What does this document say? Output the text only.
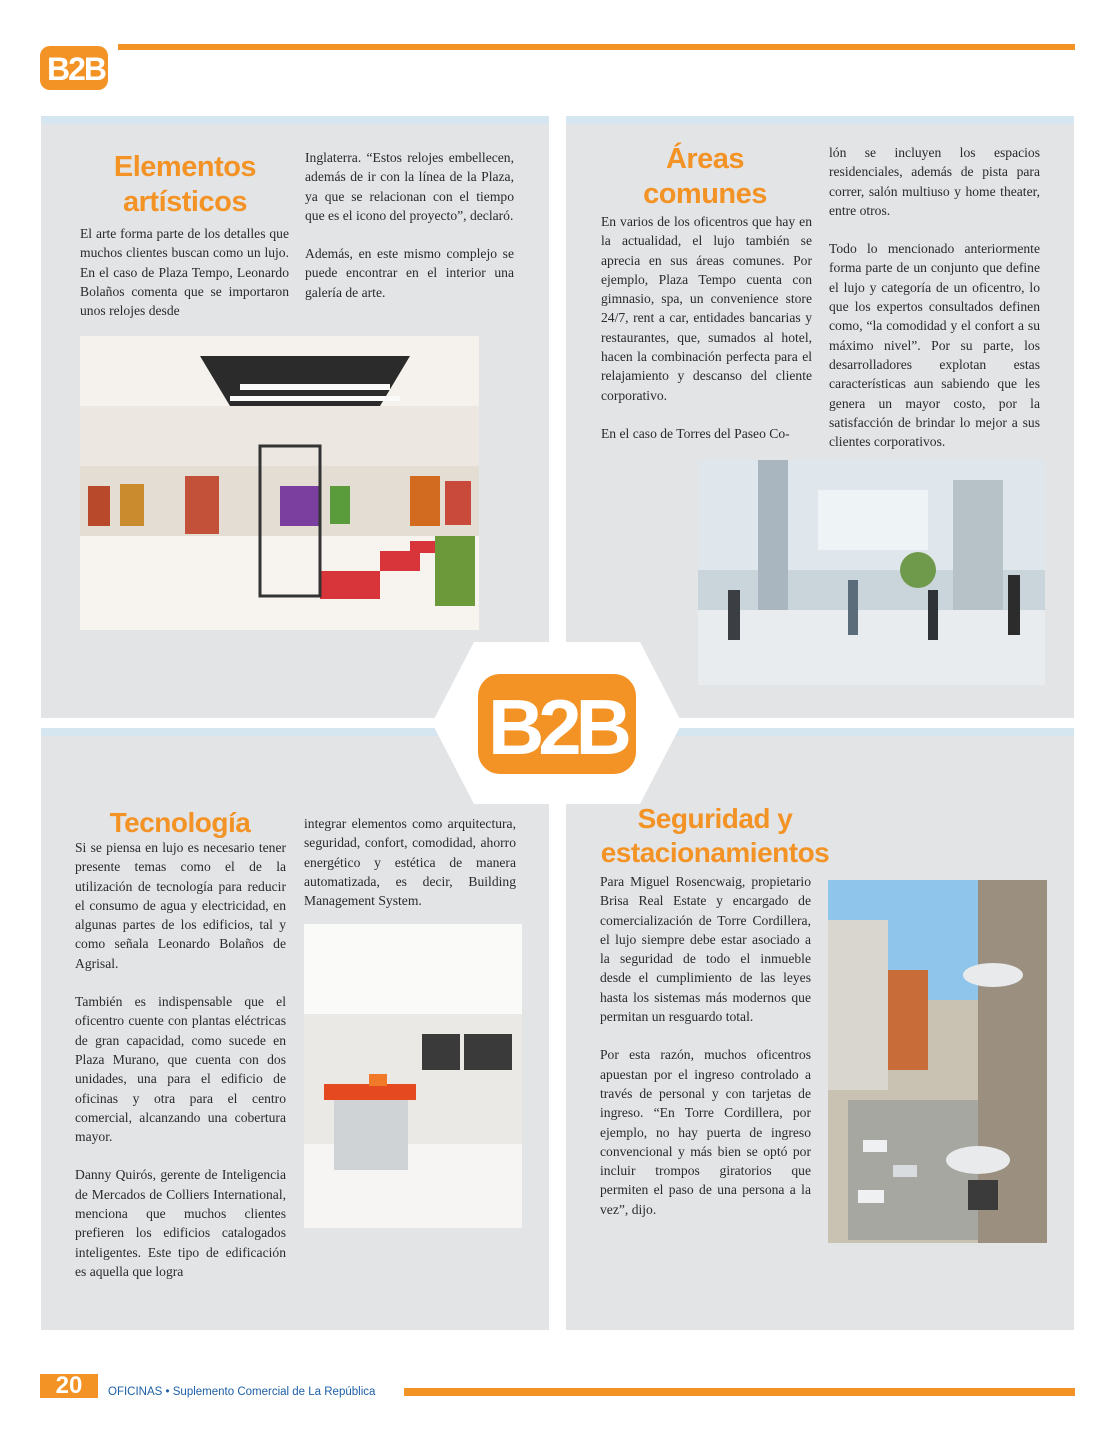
B2B
B2B
Elementos
artísticos

El arte forma parte de los detalles que muchos clientes buscan como un lujo. En el caso de Plaza Tempo, Leonardo Bolaños comenta que se importaron unos relojes desde

Inglaterra. “Estos relojes embellecen, además de ir con la línea de la Plaza, ya que se relacionan con el tiempo que es el icono del proyecto”, declaró.

Además, en este mismo complejo se puede encontrar en el interior una galería de arte.

Áreas
comunes

En varios de los oficentros que hay en la actualidad, el lujo también se aprecia en sus áreas comunes. Por ejemplo, Plaza Tempo cuenta con gimnasio, spa, un convenience store 24/7, rent a car, entidades bancarias y restaurantes, que, sumados al hotel, hacen la combinación perfecta para el relajamiento y descanso del cliente corporativo.

En el caso de Torres del Paseo Co-

lón se incluyen los espacios residenciales, además de pista para correr, salón multiuso y home theater, entre otros.

Todo lo mencionado anteriormente forma parte de un conjunto que define el lujo y categoría de un oficentro, lo que los expertos consultados definen como, “la comodidad y el confort a su máximo nivel”. Por su parte, los desarrolladores explotan estas características aun sabiendo que les genera un mayor costo, por la satisfacción de brindar lo mejor a sus clientes corporativos.

Tecnología

Si se piensa en lujo es necesario tener presente temas como el de la utilización de tecnología para reducir el consumo de agua y electricidad, en algunas partes de los edificios, tal y como señala Leonardo Bolaños de Agrisal.

También es indispensable que el oficentro cuente con plantas eléctricas de gran capacidad, como sucede en Plaza Murano, que cuenta con dos unidades, una para el edificio de oficinas y otra para el centro comercial, alcanzando una cobertura mayor.

Danny Quirós, gerente de Inteligencia de Mercados de Colliers International, menciona que muchos clientes prefieren los edificios catalogados inteligentes. Este tipo de edificación es aquella que logra

integrar elementos como arquitectura, seguridad, confort, comodidad, ahorro energético y estética de manera automatizada, es decir, Building Management System.

Seguridad y
estacionamientos

Para Miguel Rosencwaig, propietario Brisa Real Estate y encargado de comercialización de Torre Cordillera, el lujo siempre debe estar asociado a la seguridad de todo el inmueble desde el cumplimiento de las leyes hasta los sistemas más modernos que permitan un resguardo total.

Por esta razón, muchos oficentros apuestan por el ingreso controlado a través de personal y con tarjetas de ingreso. “En Torre Cordillera, por ejemplo, no hay puerta de ingreso convencional y más bien se optó por incluir trompos giratorios que permiten el paso de una persona a la vez”, dijo.

20	OFICINAS • Suplemento Comercial de La República
